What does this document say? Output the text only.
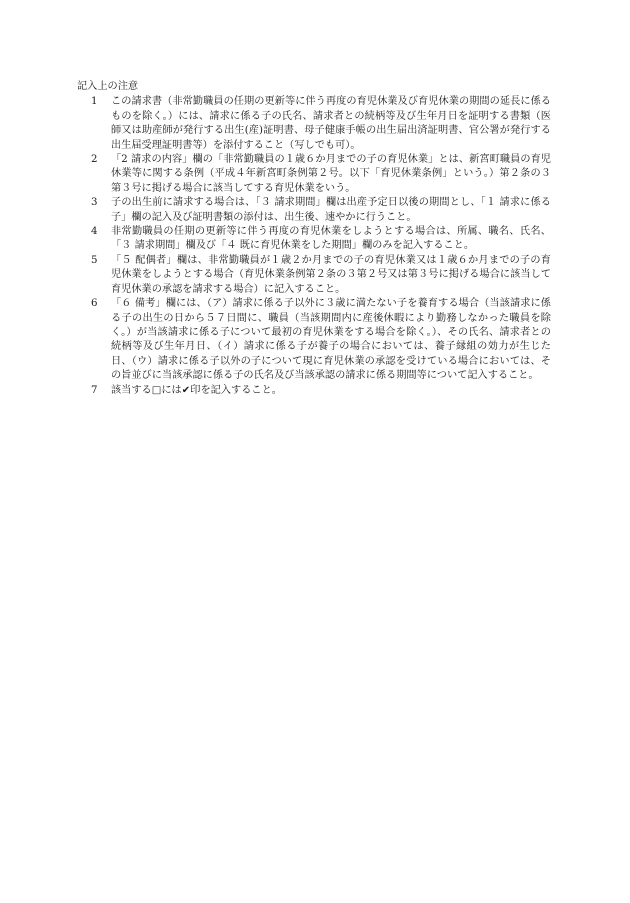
記入上の注意
1	この請求書（非常勤職員の任期の更新等に伴う再度の育児休業及び育児休業の期間の延長に係るものを除く。）には、請求に係る子の氏名、請求者との続柄等及び生年月日を証明する書類（医師又は助産師が発行する出生(産)証明書、母子健康手帳の出生届出済証明書、官公署が発行する出生届受理証明書等）を添付すること（写しでも可）。
2	「2 請求の内容」欄の「非常勤職員の１歳６か月までの子の育児休業」とは、新宮町職員の育児休業等に関する条例（平成４年新宮町条例第２号。以下「育児休業条例」という。）第２条の３第３号に掲げる場合に該当してする育児休業をいう。
3	子の出生前に請求する場合は、「３ 請求期間」欄は出産予定日以後の期間とし、「１ 請求に係る子」欄の記入及び証明書類の添付は、出生後、速やかに行うこと。
4	非常勤職員の任期の更新等に伴う再度の育児休業をしようとする場合は、所属、職名、氏名、「３ 請求期間」欄及び「４ 既に育児休業をした期間」欄のみを記入すること。
5	「５ 配偶者」欄は、非常勤職員が１歳２か月までの子の育児休業又は１歳６か月までの子の育児休業をしようとする場合（育児休業条例第２条の３第２号又は第３号に掲げる場合に該当して育児休業の承認を請求する場合）に記入すること。
6	「６ 備考」欄には、（ア）請求に係る子以外に３歳に満たない子を養育する場合（当該請求に係る子の出生の日から５７日間に、職員（当該期間内に産後休暇により勤務しなかった職員を除く。）が当該請求に係る子について最初の育児休業をする場合を除く。）、その氏名、請求者との続柄等及び生年月日、（イ）請求に係る子が養子の場合においては、養子縁組の効力が生じた日、（ウ）請求に係る子以外の子について現に育児休業の承認を受けている場合においては、その旨並びに当該承認に係る子の氏名及び当該承認の請求に係る期間等について記入すること。
7	該当する□には✔印を記入すること。
